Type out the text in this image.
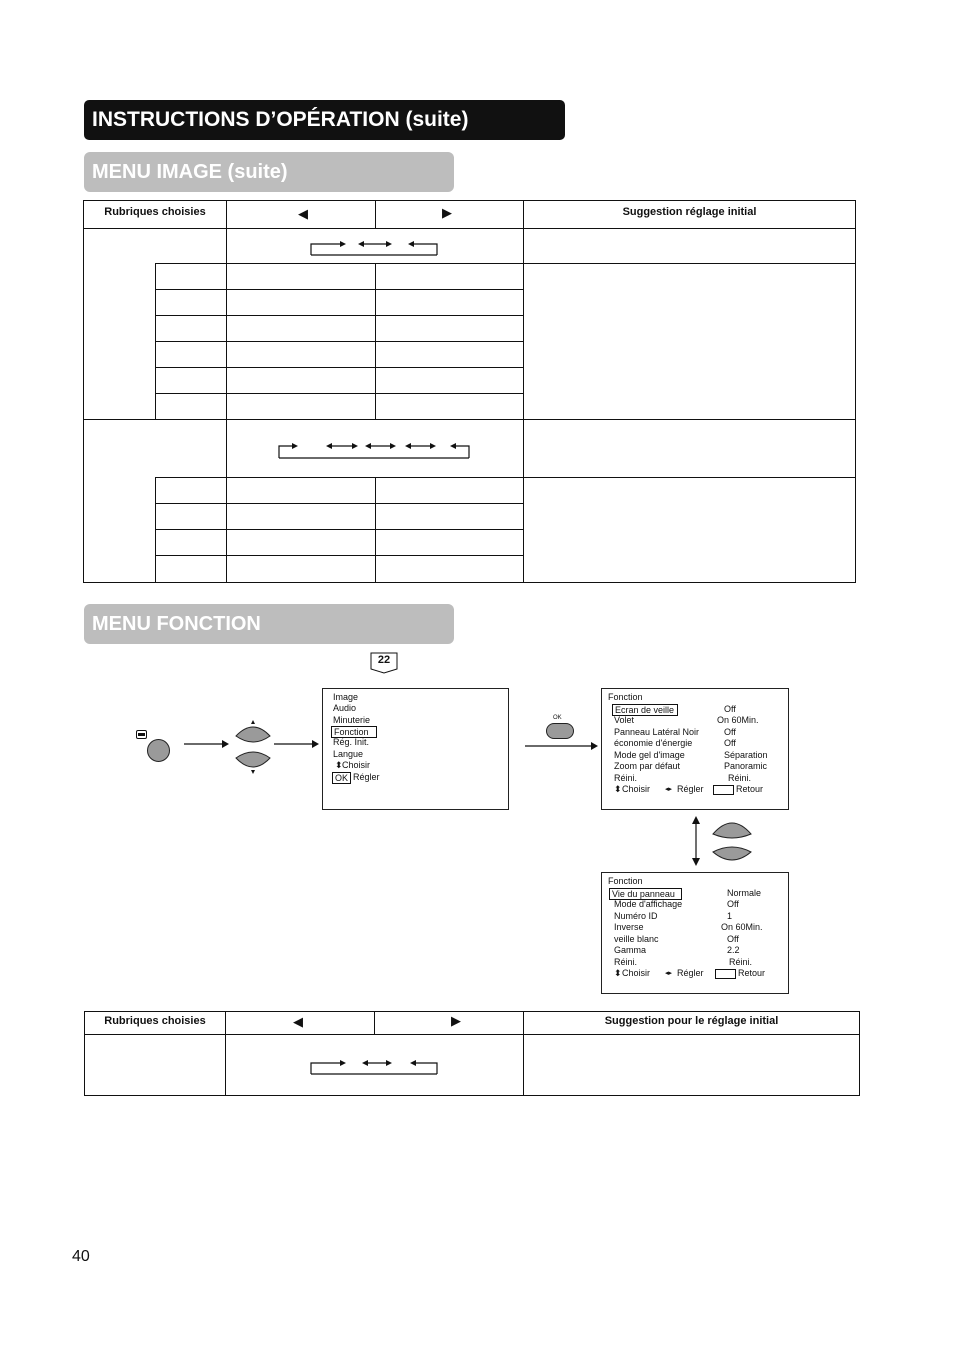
INSTRUCTIONS D’OPÉRATION (suite)
MENU IMAGE (suite)
Rubriques choisies	◀	▶	Suggestion réglage initial
MENU FONCTION
22
Image
Audio
Minuterie
Fonction
Rég. Init.
Langue
⬍ Choisir
OK Régler
OK
Fonction
Ecran de veille	Off
Volet	On 60Min.
Panneau Latéral Noir	Off
économie d'énergie	Off
Mode gel d'image	Séparation
Zoom par défaut	Panoramic
Réini.	Réini.
⬍ Choisir ◂▸ Régler	Retour
Fonction
Vie du panneau	Normale
Mode d'affichage	Off
Numéro ID	1
Inverse	On 60Min.
veille blanc	Off
Gamma	2.2
Réini.	Réini.
⬍ Choisir ◂▸ Régler	Retour
Rubriques choisies	◀	▶	Suggestion pour le réglage initial
40
